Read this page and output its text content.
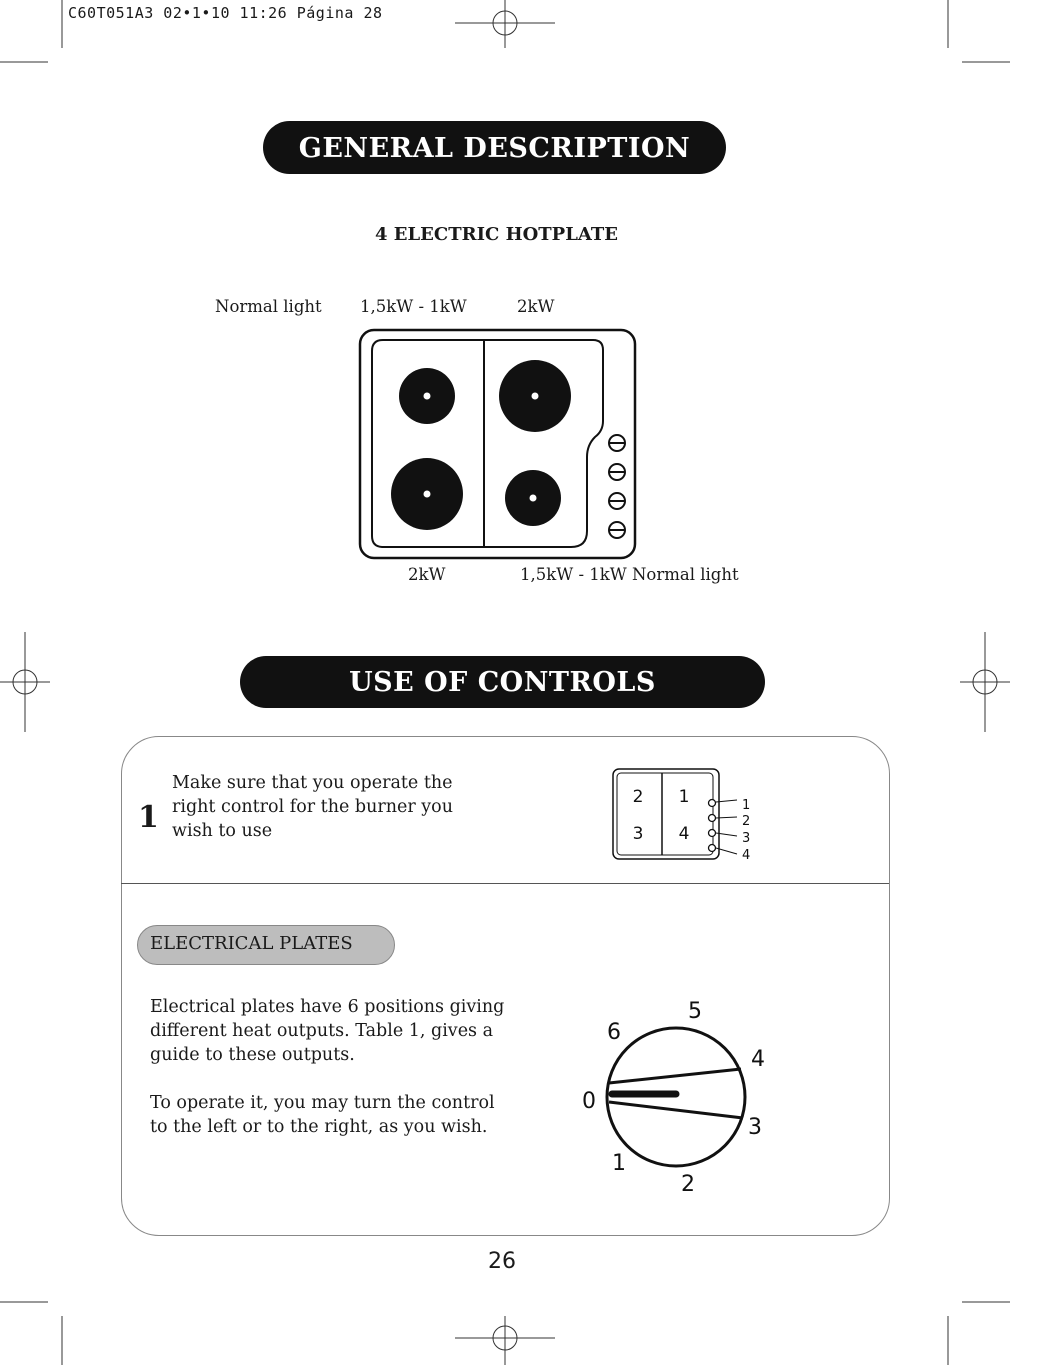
C60T051A3 02•1•10 11:26 Página 28
GENERAL DESCRIPTION
4 ELECTRIC HOTPLATE
Normal light 1,5kW - 1kW	2kW
2kW	1,5kW - 1kW Normal light
USE OF CONTROLS
1
Make sure that you operate the
right control for the burner you
wish to use
2 1
3 4
1
2
3
4
ELECTRICAL PLATES
Electrical plates have 6 positions giving
different heat outputs. Table 1, gives a
guide to these outputs.
To operate it, you may turn the control
to the left or to the right, as you wish.
0
1
2
3
4
5
6
26
